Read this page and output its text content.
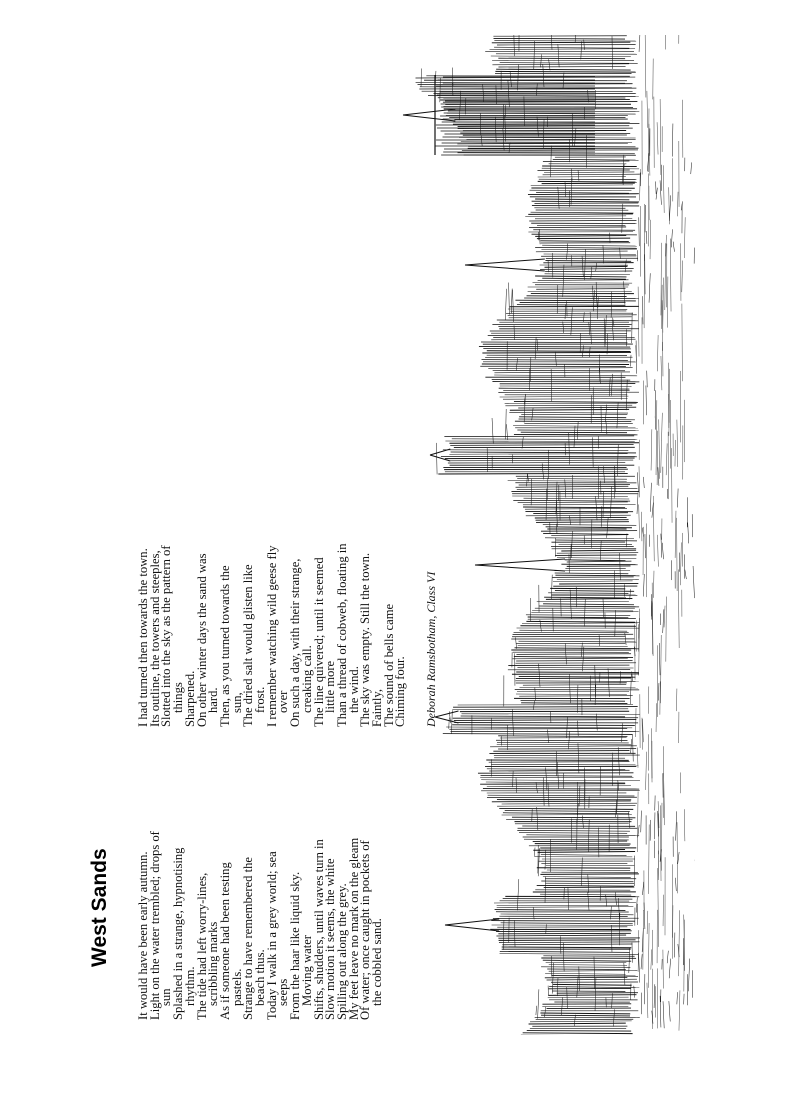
West Sands It would have been early autumn.
Light on the water trembled; drops of
sun
Splashed in a strange, hypnotising
rhythm.
The tide had left worry-lines,
scribbling marks
As if someone had been testing
pastels.
Strange to have remembered the
beach thus.
Today I walk in a grey world; sea
seeps
From the haar like liquid sky.
Moving water
Shifts, shudders, until waves turn in
Slow motion it seems, the white
Spilling out along the grey.
My feet leave no mark on the gleam
Of water; once caught in pockets of
the cobbled sand.
I had turned then towards the town.
Its outline, the towers and steeples,
Slotted into the sky as the pattern of
things
Sharpened.
On other winter days the sand was
hard.
Then, as you turned towards the
sun,
The dried salt would glisten like
frost.
I remember watching wild geese fly
over
On such a day, with their strange,
creaking call.
The line quivered; until it seemed
little more
Than a thread of cobweb, floating in
the wind.
The sky was empty. Still the town.
Faintly,
The sound of bells came
Chiming four. Deborah Ramsbotham, Class VI
